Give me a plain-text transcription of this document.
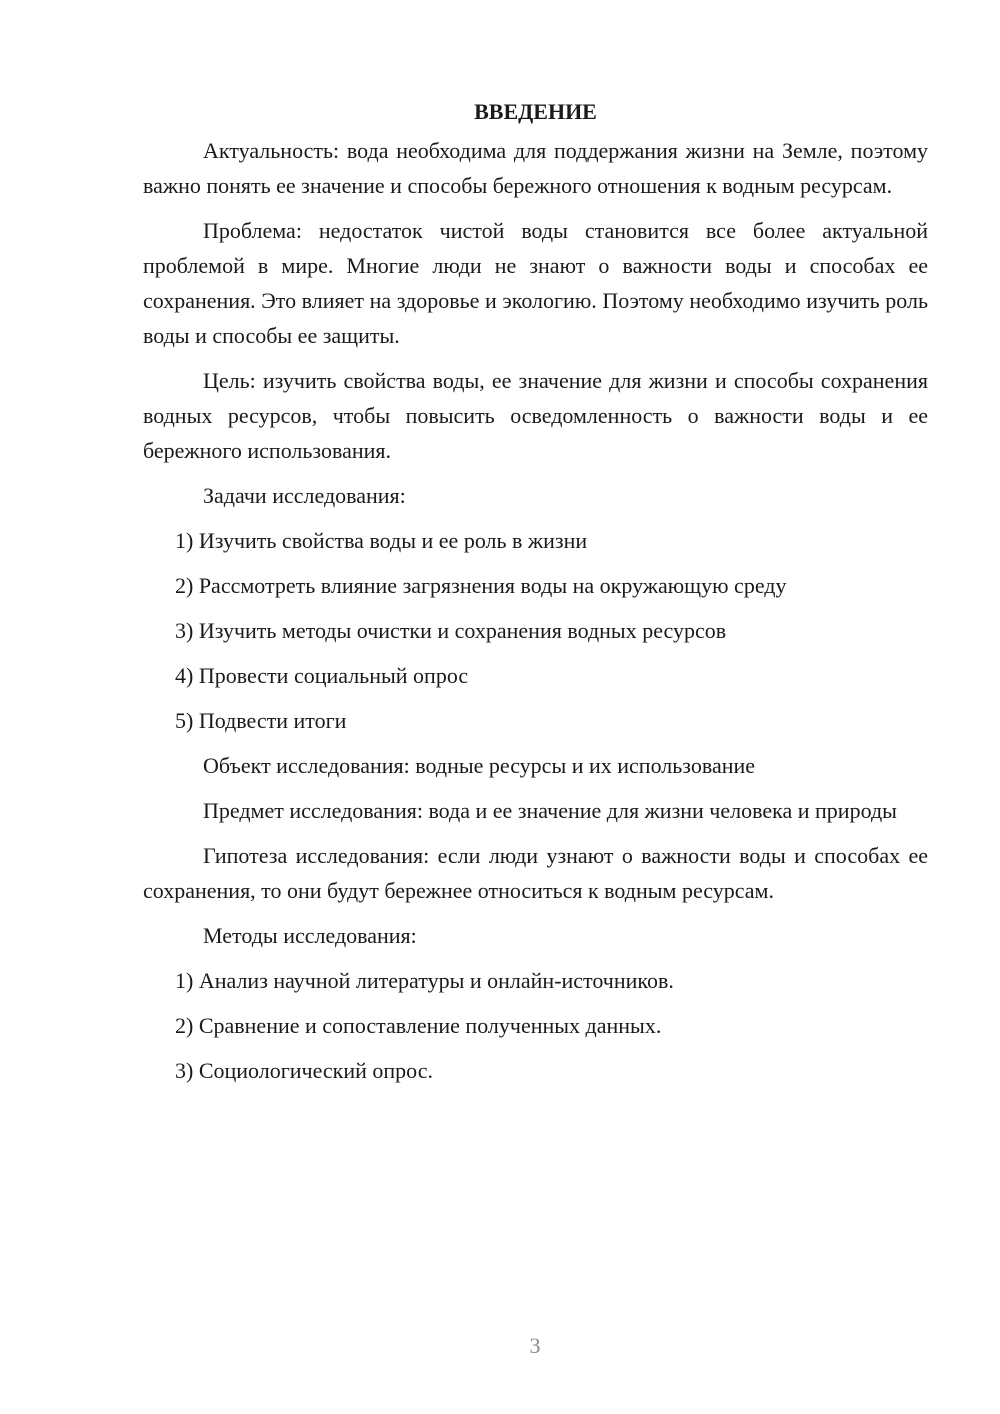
ВВЕДЕНИЕ
Актуальность: вода необходима для поддержания жизни на Земле, поэтому важно понять ее значение и способы бережного отношения к водным ресурсам.
Проблема: недостаток чистой воды становится все более актуальной проблемой в мире. Многие люди не знают о важности воды и способах ее сохранения. Это влияет на здоровье и экологию. Поэтому необходимо изучить роль воды и способы ее защиты.
Цель: изучить свойства воды, ее значение для жизни и способы сохранения водных ресурсов, чтобы повысить осведомленность о важности воды и ее бережного использования.
Задачи исследования:
1) Изучить свойства воды и ее роль в жизни
2) Рассмотреть влияние загрязнения воды на окружающую среду
3) Изучить методы очистки и сохранения водных ресурсов
4) Провести социальный опрос
5) Подвести итоги
Объект исследования: водные ресурсы и их использование
Предмет исследования: вода и ее значение для жизни человека и природы
Гипотеза исследования: если люди узнают о важности воды и способах ее сохранения, то они будут бережнее относиться к водным ресурсам.
Методы исследования:
1) Анализ научной литературы и онлайн-источников.
2) Сравнение и сопоставление полученных данных.
3) Социологический опрос.
3
